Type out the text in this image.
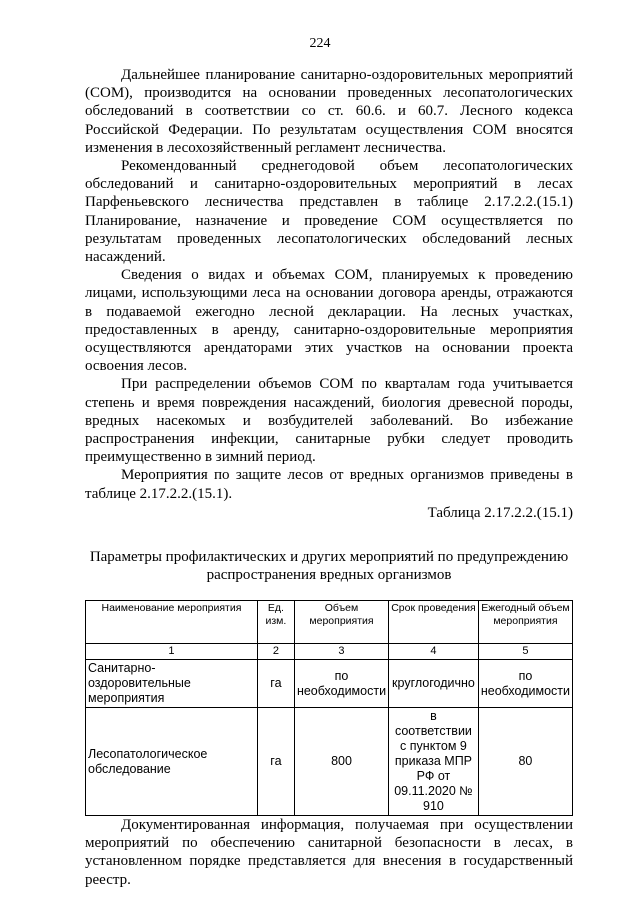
224

Дальнейшее планирование санитарно-оздоровительных мероприятий (СОМ), производится на основании проведенных лесопатологических обследований в соответствии со ст. 60.6. и 60.7. Лесного кодекса Российской Федерации. По результатам осуществления СОМ вносятся изменения в лесохозяйственный регламент лесничества.

Рекомендованный среднегодовой объем лесопатологических обследований и санитарно-оздоровительных мероприятий в лесах Парфеньевского лесничества представлен в таблице 2.17.2.2.(15.1) Планирование, назначение и проведение СОМ осуществляется по результатам проведенных лесопатологических обследований лесных насаждений.

Сведения о видах и объемах СОМ, планируемых к проведению лицами, использующими леса на основании договора аренды, отражаются в подаваемой ежегодно лесной декларации. На лесных участках, предоставленных в аренду, санитарно-оздоровительные мероприятия осуществляются арендаторами этих участков на основании проекта освоения лесов.

При распределении объемов СОМ по кварталам года учитывается степень и время повреждения насаждений, биология древесной породы, вредных насекомых и возбудителей заболеваний. Во избежание распространения инфекции, санитарные рубки следует проводить преимущественно в зимний период.

Мероприятия по защите лесов от вредных организмов приведены в таблице 2.17.2.2.(15.1).

Таблица 2.17.2.2.(15.1)
Параметры профилактических и других мероприятий по предупреждению распространения вредных организмов
Наименование мероприятия	Ед. изм.	Объем мероприятия	Срок проведения	Ежегодный объем мероприятия
1	2	3	4	5
Санитарно-оздоровительные мероприятия	га	по необходимости	круглогодично	по необходимости
Лесопатологическое обследование	га	800	в соответствии с пунктом 9 приказа МПР РФ от 09.11.2020 № 910	80

Документированная информация, получаемая при осуществлении мероприятий по обеспечению санитарной безопасности в лесах, в установленном порядке представляется для внесения в государственный реестр.
